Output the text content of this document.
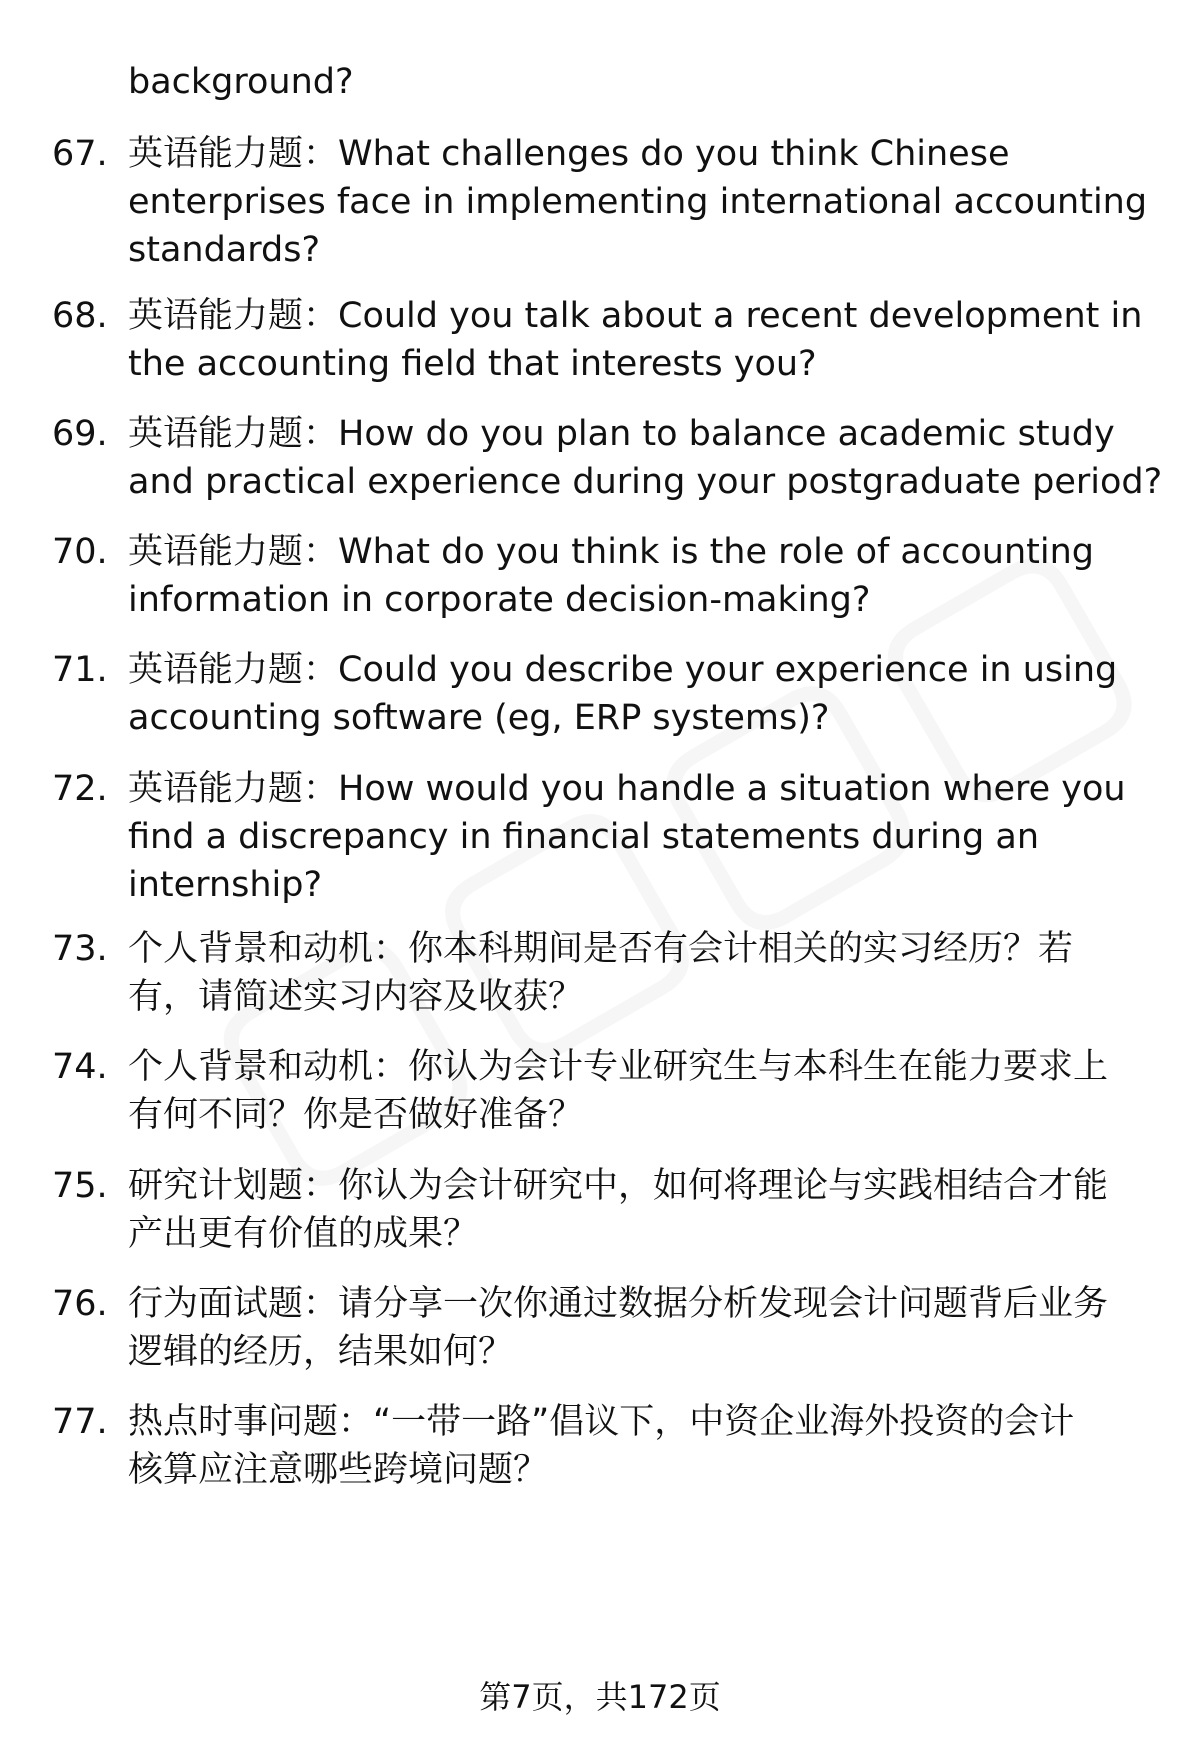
background?
67. 英语能力题：What challenges do you think Chinese
enterprises face in implementing international accounting
standards?
68. 英语能力题：Could you talk about a recent development in
the accounting field that interests you?
69. 英语能力题：How do you plan to balance academic study
and practical experience during your postgraduate period?
70. 英语能力题：What do you think is the role of accounting
information in corporate decision-making?
71. 英语能力题：Could you describe your experience in using
accounting software (eg, ERP systems)?
72. 英语能力题：How would you handle a situation where you
find a discrepancy in financial statements during an
internship?
73. 个人背景和动机：你本科期间是否有会计相关的实习经历？若
有，请简述实习内容及收获？
74. 个人背景和动机：你认为会计专业研究生与本科生在能力要求上
有何不同？你是否做好准备？
75. 研究计划题：你认为会计研究中，如何将理论与实践相结合才能
产出更有价值的成果？
76. 行为面试题：请分享一次你通过数据分析发现会计问题背后业务
逻辑的经历，结果如何？
77. 热点时事问题：“一带一路”倡议下，中资企业海外投资的会计
核算应注意哪些跨境问题？
第7页，共172页
